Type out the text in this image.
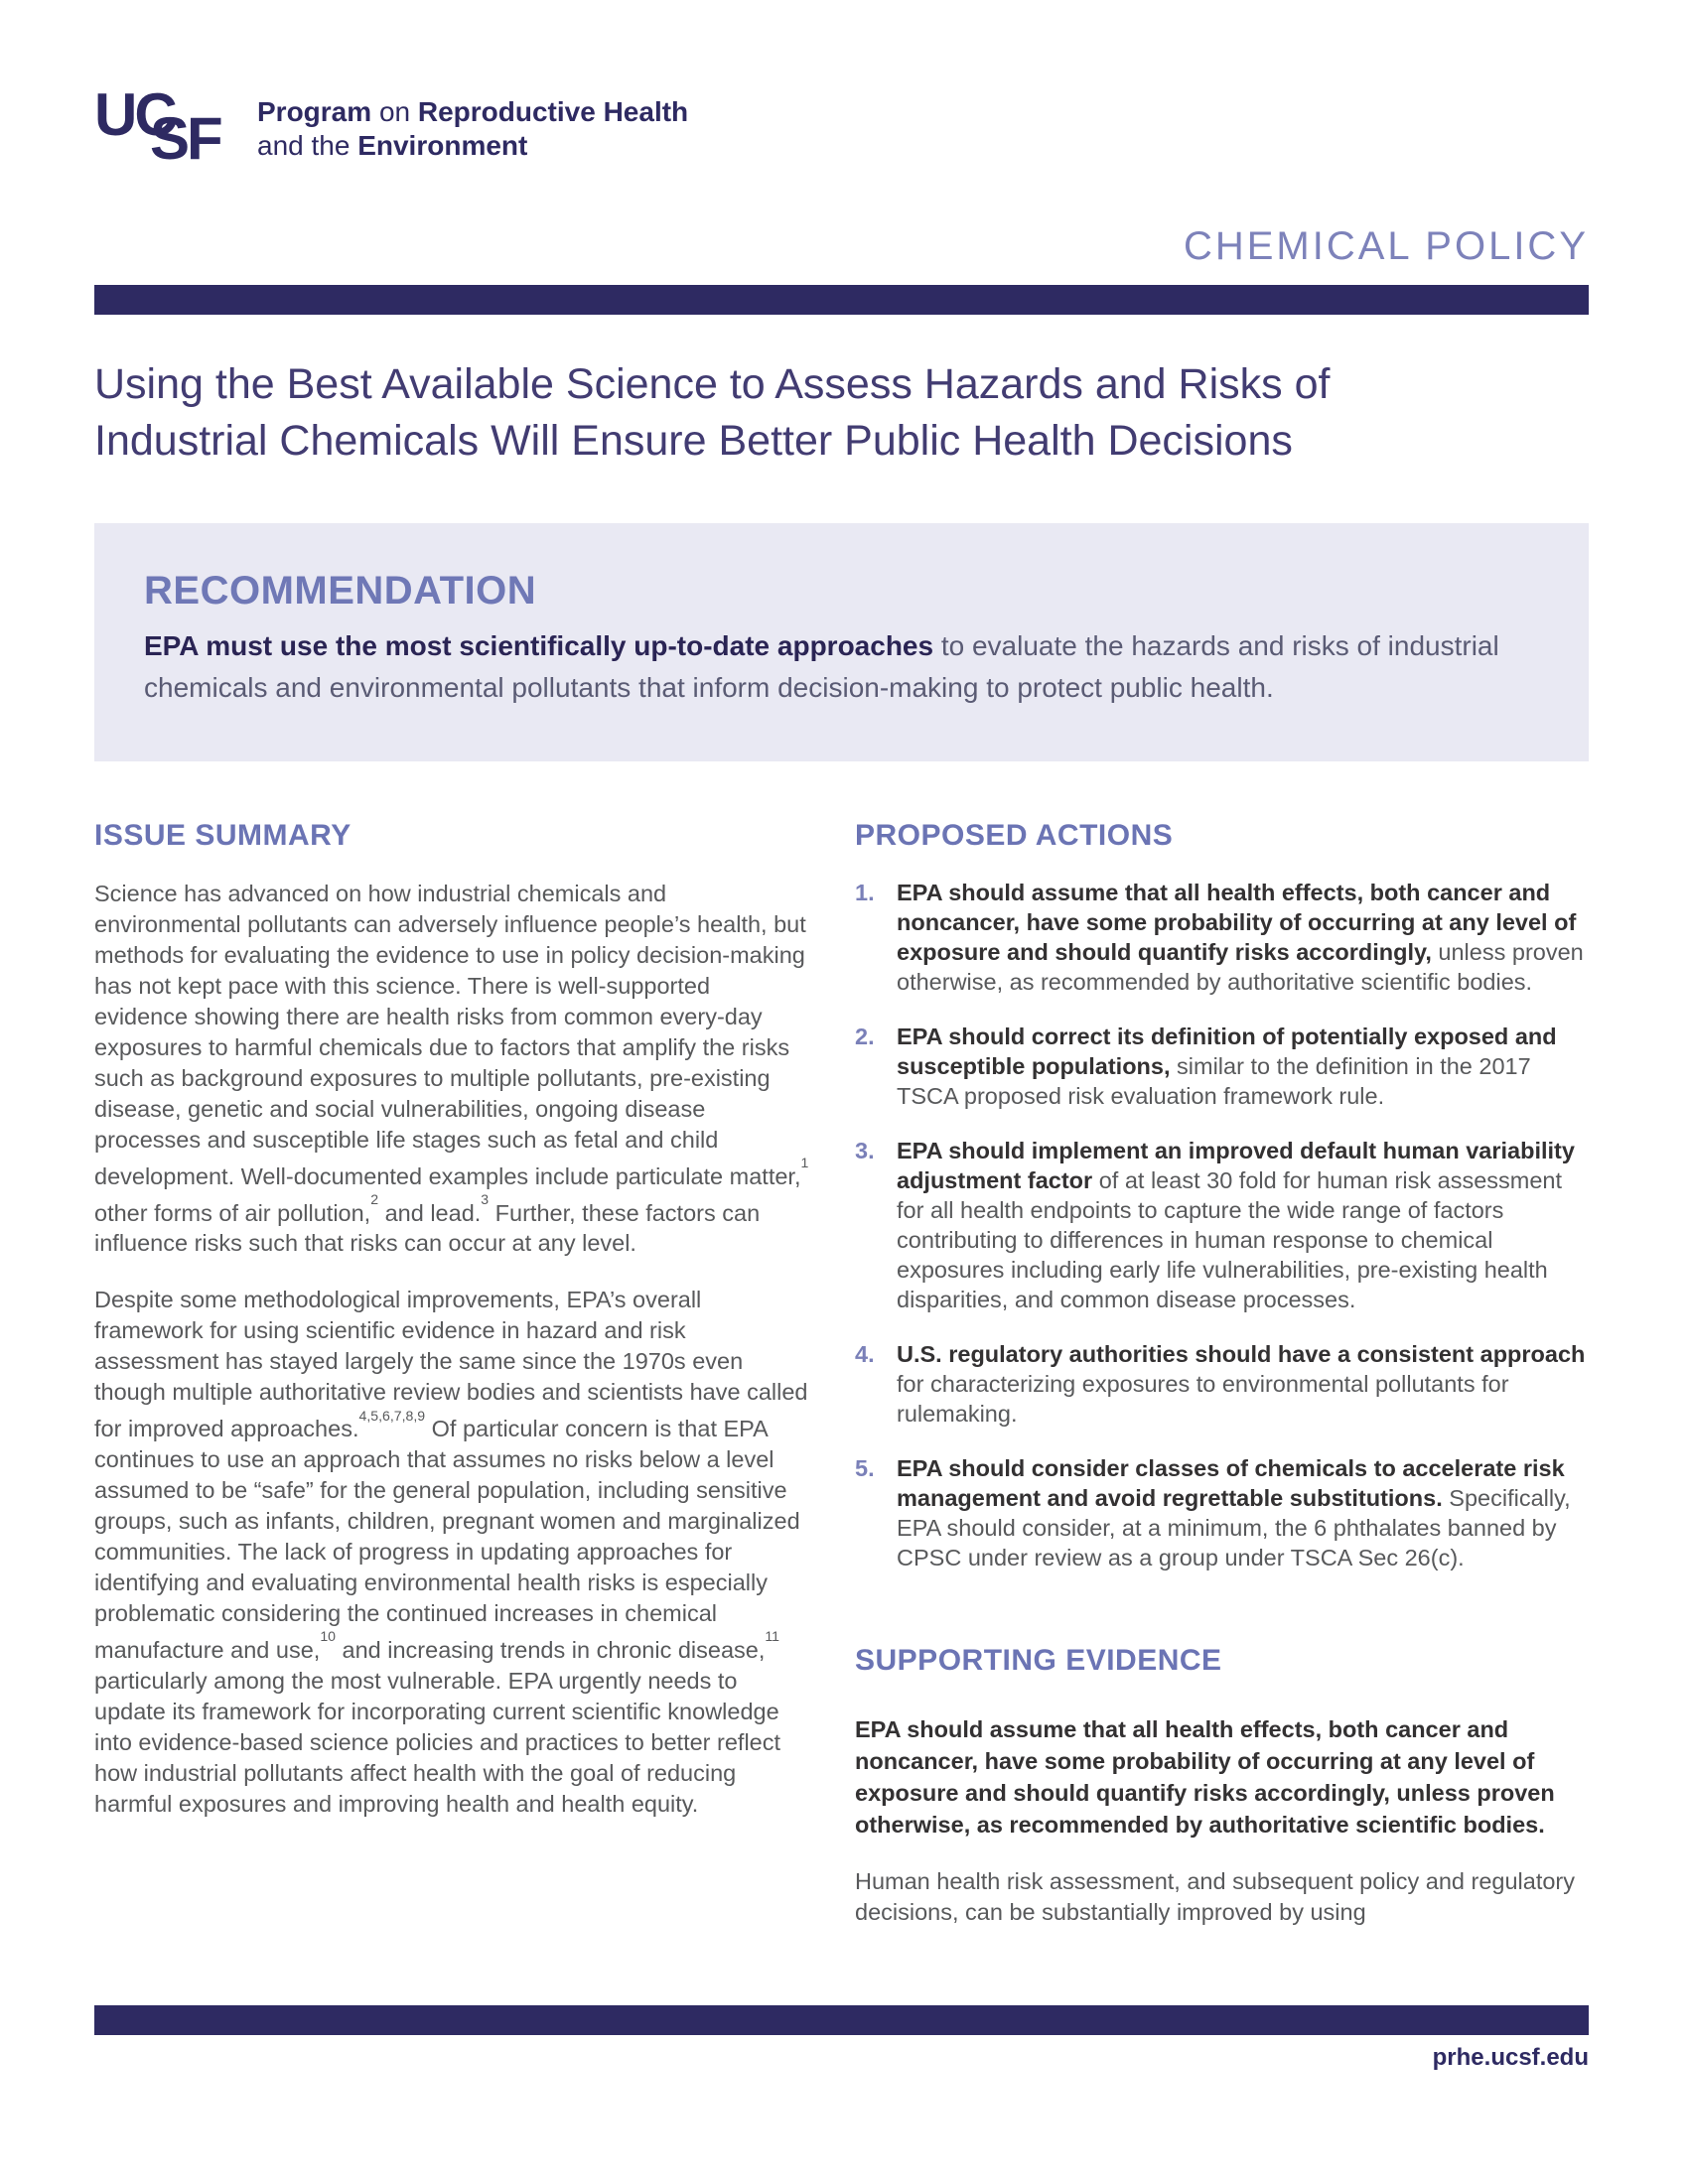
UC
SF Program on Reproductive Health
and the Environment
CHEMICAL POLICY
Using the Best Available Science to Assess Hazards and Risks of
Industrial Chemicals Will Ensure Better Public Health Decisions
RECOMMENDATION

EPA must use the most scientifically up-to-date approaches to evaluate the hazards and risks of industrial chemicals and environmental pollutants that inform decision-making to protect public health.

ISSUE SUMMARY

Science has advanced on how industrial chemicals and environmental pollutants can adversely influence people’s health, but methods for evaluating the evidence to use in policy decision-making has not kept pace with this science. There is well-supported evidence showing there are health risks from common every-day exposures to harmful chemicals due to factors that amplify the risks such as background exposures to multiple pollutants, pre-existing disease, genetic and social vulnerabilities, ongoing disease processes and susceptible life stages such as fetal and child development. Well-documented examples include particulate matter,$^1$ other forms of air pollution,$^2$ and lead.$^3$ Further, these factors can influence risks such that risks can occur at any level.

Despite some methodological improvements, EPA’s overall framework for using scientific evidence in hazard and risk assessment has stayed largely the same since the 1970s even though multiple authoritative review bodies and scientists have called for improved approaches.$^{4,5,6,7,8,9}$ Of particular concern is that EPA continues to use an approach that assumes no risks below a level assumed to be “safe” for the general population, including sensitive groups, such as infants, children, pregnant women and marginalized communities. The lack of progress in updating approaches for identifying and evaluating environmental health risks is especially problematic considering the continued increases in chemical manufacture and use,$^{10}$ and increasing trends in chronic disease,$^{11}$ particularly among the most vulnerable. EPA urgently needs to update its framework for incorporating current scientific knowledge into evidence-based science policies and practices to better reflect how industrial pollutants affect health with the goal of reducing harmful exposures and improving health and health equity.

PROPOSED ACTIONS
1. EPA should assume that all health effects, both cancer and noncancer, have some probability of occurring at any level of exposure and should quantify risks accordingly, unless proven otherwise, as recommended by authoritative scientific bodies.

2. EPA should correct its definition of potentially exposed and susceptible populations, similar to the definition in the 2017 TSCA proposed risk evaluation framework rule.

3. EPA should implement an improved default human variability adjustment factor of at least 30 fold for human risk assessment for all health endpoints to capture the wide range of factors contributing to differences in human response to chemical exposures including early life vulnerabilities, pre-existing health disparities, and common disease processes.

4. U.S. regulatory authorities should have a consistent approach for characterizing exposures to environmental pollutants for rulemaking.

5. EPA should consider classes of chemicals to accelerate risk management and avoid regrettable substitutions. Specifically, EPA should consider, at a minimum, the 6 phthalates banned by CPSC under review as a group under TSCA Sec 26(c).

SUPPORTING EVIDENCE

EPA should assume that all health effects, both cancer and noncancer, have some probability of occurring at any level of exposure and should quantify risks accordingly, unless proven otherwise, as recommended by authoritative scientific bodies.

Human health risk assessment, and subsequent policy and regulatory decisions, can be substantially improved by using

prhe.ucsf.edu
